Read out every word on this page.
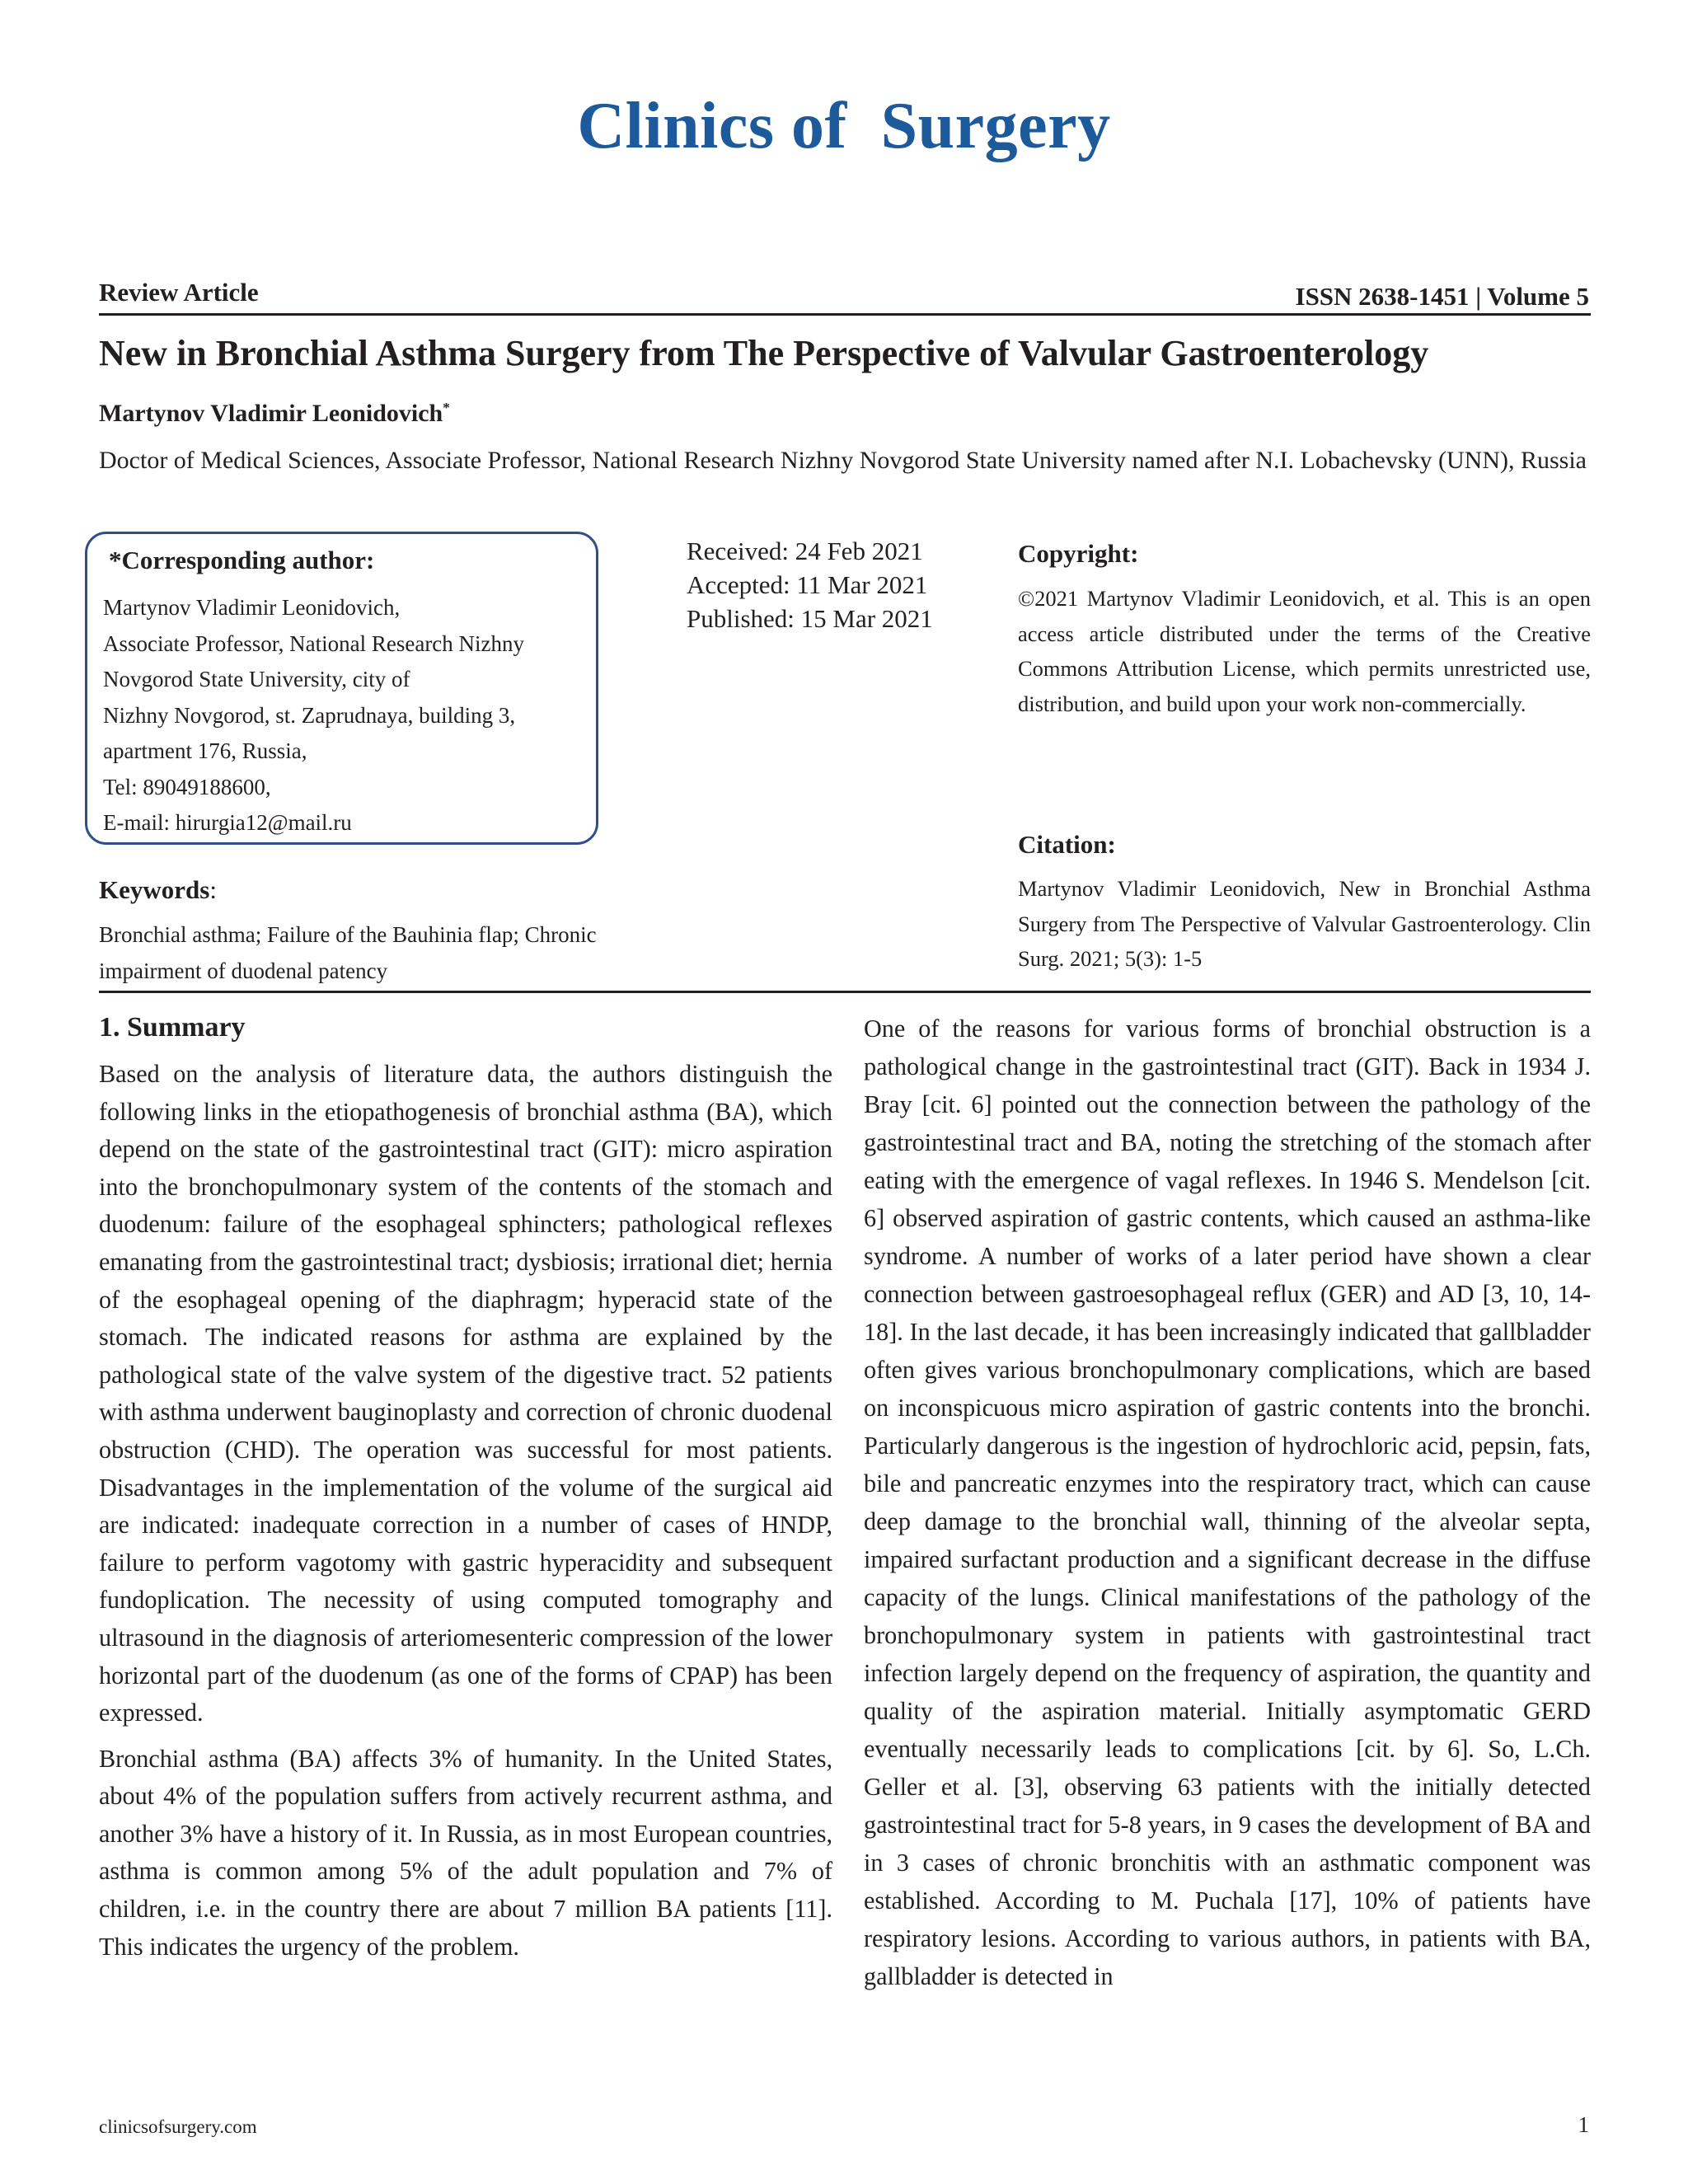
Clinics of  Surgery
Review Article	ISSN 2638-1451 | Volume 5
New in Bronchial Asthma Surgery from The Perspective of Valvular Gastroenterology
Martynov Vladimir Leonidovich*
Doctor of Medical Sciences, Associate Professor, National Research Nizhny Novgorod State University named after N.I. Lobachevsky (UNN), Russia
*Corresponding author:
Martynov Vladimir Leonidovich,
Associate Professor, National Research Nizhny
Novgorod State University, city of
Nizhny Novgorod, st. Zaprudnaya, building 3,
apartment 176, Russia,
Tel: 89049188600,
E-mail: hirurgia12@mail.ru
Received: 24 Feb 2021
Accepted: 11 Mar 2021
Published: 15 Mar 2021
Copyright:
©2021 Martynov Vladimir Leonidovich, et al. This is an open access article distributed under the terms of the Creative Commons Attribution License, which permits unrestricted use, distribution, and build upon your work non-commercially.
Keywords:
Bronchial asthma; Failure of the Bauhinia flap; Chronic impairment of duodenal patency
Citation:
Martynov Vladimir Leonidovich, New in Bronchial Asthma Surgery from The Perspective of Valvular Gastroenterology. Clin Surg. 2021; 5(3): 1-5
1. Summary

Based on the analysis of literature data, the authors distinguish the following links in the etiopathogenesis of bronchial asthma (BA), which depend on the state of the gastrointestinal tract (GIT): micro aspiration into the bronchopulmonary system of the contents of the stomach and duodenum: failure of the esophageal sphincters; pathological reflexes emanating from the gastrointestinal tract; dysbiosis; irrational diet; hernia of the esophageal opening of the diaphragm; hyperacid state of the stomach. The indicated reasons for asthma are explained by the pathological state of the valve system of the digestive tract. 52 patients with asthma underwent bauginoplasty and correction of chronic duodenal obstruction (CHD). The operation was successful for most patients. Disadvantages in the implementation of the volume of the surgical aid are indicated: inadequate correction in a number of cases of HNDP, failure to perform vagotomy with gastric hyperacidity and subsequent fundoplication. The necessity of using computed tomography and ultrasound in the diagnosis of arteriomesenteric compression of the lower horizontal part of the duodenum (as one of the forms of CPAP) has been expressed.

Bronchial asthma (BA) affects 3% of humanity. In the United States, about 4% of the population suffers from actively recurrent asthma, and another 3% have a history of it. In Russia, as in most European countries, asthma is common among 5% of the adult population and 7% of children, i.e. in the country there are about 7 million BA patients [11]. This indicates the urgency of the problem.

One of the reasons for various forms of bronchial obstruction is a pathological change in the gastrointestinal tract (GIT). Back in 1934 J. Bray [cit. 6] pointed out the connection between the pathology of the gastrointestinal tract and BA, noting the stretching of the stomach after eating with the emergence of vagal reflexes. In 1946 S. Mendelson [cit. 6] observed aspiration of gastric contents, which caused an asthma-like syndrome. A number of works of a later period have shown a clear connection between gastroesophageal reflux (GER) and AD [3, 10, 14-18]. In the last decade, it has been increasingly indicated that gallbladder often gives various bronchopulmonary complications, which are based on inconspicuous micro aspiration of gastric contents into the bronchi. Particularly dangerous is the ingestion of hydrochloric acid, pepsin, fats, bile and pancreatic enzymes into the respiratory tract, which can cause deep damage to the bronchial wall, thinning of the alveolar septa, impaired surfactant production and a significant decrease in the diffuse capacity of the lungs. Clinical manifestations of the pathology of the bronchopulmonary system in patients with gastrointestinal tract infection largely depend on the frequency of aspiration, the quantity and quality of the aspiration material. Initially asymptomatic GERD eventually necessarily leads to complications [cit. by 6]. So, L.Ch. Geller et al. [3], observing 63 patients with the initially detected gastrointestinal tract for 5-8 years, in 9 cases the development of BA and in 3 cases of chronic bronchitis with an asthmatic component was established. According to M. Puchala [17], 10% of patients have respiratory lesions. According to various authors, in patients with BA, gallbladder is detected in

clinicsofsurgery.com	1
